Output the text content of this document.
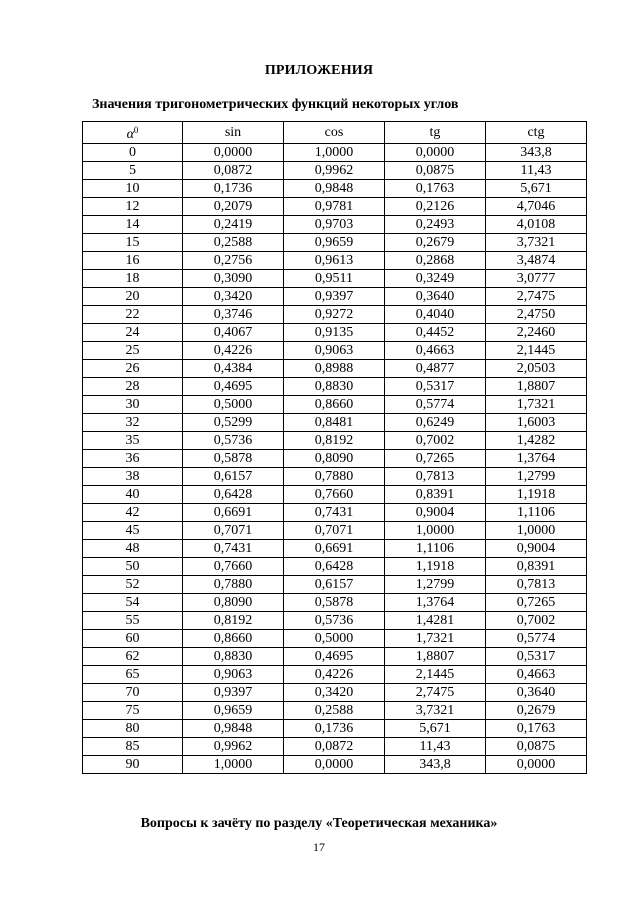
ПРИЛОЖЕНИЯ
Значения тригонометрических функций некоторых углов
$\alpha^0$	sin	cos	tg	ctg
0	0,0000	1,0000	0,0000	343,8
5	0,0872	0,9962	0,0875	11,43
10	0,1736	0,9848	0,1763	5,671
12	0,2079	0,9781	0,2126	4,7046
14	0,2419	0,9703	0,2493	4,0108
15	0,2588	0,9659	0,2679	3,7321
16	0,2756	0,9613	0,2868	3,4874
18	0,3090	0,9511	0,3249	3,0777
20	0,3420	0,9397	0,3640	2,7475
22	0,3746	0,9272	0,4040	2,4750
24	0,4067	0,9135	0,4452	2,2460
25	0,4226	0,9063	0,4663	2,1445
26	0,4384	0,8988	0,4877	2,0503
28	0,4695	0,8830	0,5317	1,8807
30	0,5000	0,8660	0,5774	1,7321
32	0,5299	0,8481	0,6249	1,6003
35	0,5736	0,8192	0,7002	1,4282
36	0,5878	0,8090	0,7265	1,3764
38	0,6157	0,7880	0,7813	1,2799
40	0,6428	0,7660	0,8391	1,1918
42	0,6691	0,7431	0,9004	1,1106
45	0,7071	0,7071	1,0000	1,0000
48	0,7431	0,6691	1,1106	0,9004
50	0,7660	0,6428	1,1918	0,8391
52	0,7880	0,6157	1,2799	0,7813
54	0,8090	0,5878	1,3764	0,7265
55	0,8192	0,5736	1,4281	0,7002
60	0,8660	0,5000	1,7321	0,5774
62	0,8830	0,4695	1,8807	0,5317
65	0,9063	0,4226	2,1445	0,4663
70	0,9397	0,3420	2,7475	0,3640
75	0,9659	0,2588	3,7321	0,2679
80	0,9848	0,1736	5,671	0,1763
85	0,9962	0,0872	11,43	0,0875
90	1,0000	0,0000	343,8	0,0000
Вопросы к зачёту по разделу «Теоретическая механика»
17
